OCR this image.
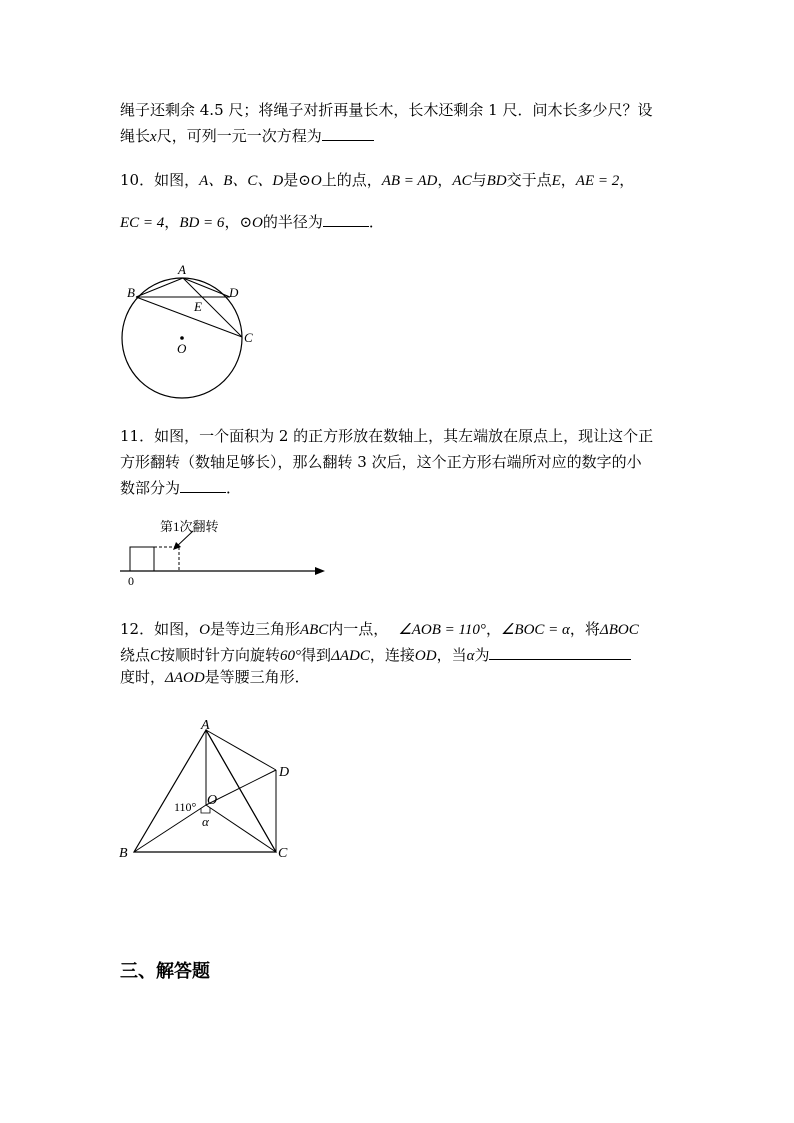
绳子还剩余 4.5 尺；将绳子对折再量长木，长木还剩余 1 尺．问木长多少尺？设
绳长x尺，可列一元一次方程为
10．如图，A、B、C、D是⊙O上的点，AB = AD，AC与BD交于点E，AE = 2，
EC = 4，BD = 6，⊙O的半径为	．
A
B	D
C
E
O
11．如图，一个面积为 2 的正方形放在数轴上，其左端放在原点上，现让这个正
方形翻转（数轴足够长），那么翻转 3 次后，这个正方形右端所对应的数字的小
数部分为	．
第1次翻转
0
12．如图，O是等边三角形ABC内一点， ∠AOB = 110°，∠BOC = α，将ΔBOC
绕点C按顺时针方向旋转60°得到ΔADC，连接OD，当α为
度时，ΔAOD是等腰三角形．
A
B	C
D
O
110°
α
三、解答题
